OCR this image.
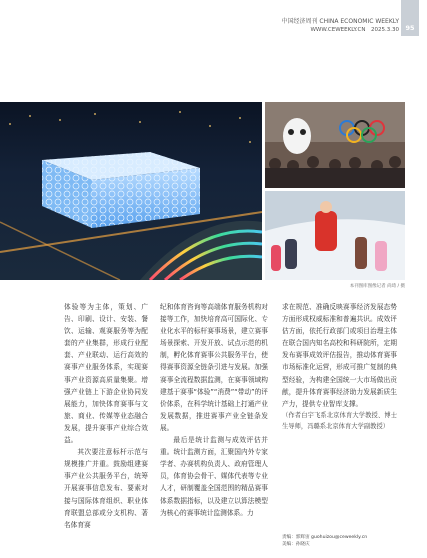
中国经济周刊 CHINA ECONOMIC WEEKLY
WWW.CEWEEKLY.CN　2025.3.30 95
本刊图库图像记者 尚琦 / 摄

体验等为主体，策划、广告、印刷、设计、安装、餐饮、运输、观赛服务等为配套的产业集群，形成行业配套、产业联动、运行高效的赛事产业服务体系，实现赛事产业资源高质量集聚。增强产业链上下游企业协同发展能力，加快体育赛事与文旅、商业、传媒等业态融合发展，提升赛事产业综合效益。

其次要注意标杆示范与规模推广并重。鼓励组建赛事产业公共服务平台，统筹开展赛事信息发布、要素对接与国际体育组织、职业体育联盟总部或分支机构、著名体育赛

纪和体育咨询等高端体育服务机构对接等工作，加快培育高可国际化、专业化水平的标杆赛事场景，建立赛事场景探索、开发开放、试点示范的机制，孵化体育赛事公共服务平台，使得赛事资源全链条引进与发展。加强赛事全流程数据监测，在赛事领域构建基于赛事“体验”“消费”“带动”的评价体系，在科学统计基础上打通产业发展数据，推进赛事产业全链条发展。

最后是统计监测与成效评估并重。统计监测方面，汇聚国内外专家学者、办赛机构负责人、政府管理人员，体育协会骨干、媒体代表等专业人才，研制覆盖全国范围的精品赛事体系数据指标，以及建立以算法模型为核心的赛事统计监测体系。力

求在规范、准确反映赛事经济发展态势方面形成权威标准和普遍共识。成效评估方面，依托行政部门或项目治理主体在联合国内知名高校和科研院所，定期发布赛事成效评估报告，推动体育赛事市场标准化运营，形成可推广复制的典型经验，为构建全国统一大市场做出贡献，提升体育赛事经济助力发展新质生产力，提供专业智库支撑。

（作者白宇飞系北京体育大学教授、博士生导师，冯璐系北京体育大学副教授）

责编：郭辉宙 guohuizou@ceweekly.cn
美编：孙晓庆
